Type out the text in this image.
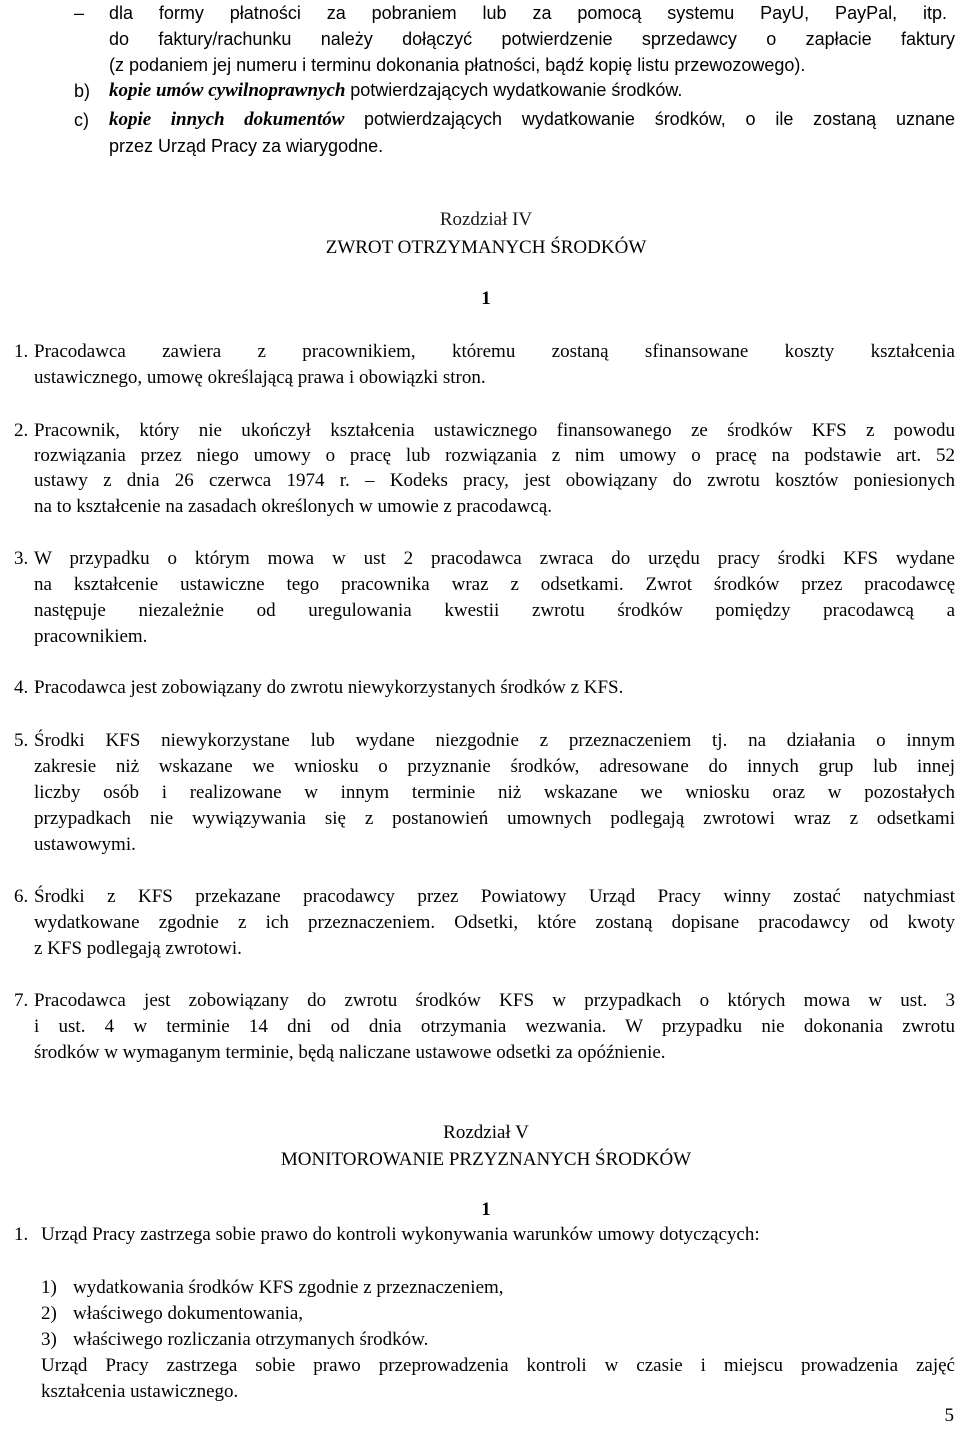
– dla formy płatności za pobraniem lub za pomocą systemu PayU, PayPal, itp.
do faktury/rachunku należy dołączyć potwierdzenie sprzedawcy o zapłacie faktury
(z podaniem jej numeru i terminu dokonania płatności, bądź kopię listu przewozowego).
b) kopie umów cywilnoprawnych potwierdzających wydatkowanie środków.
c) kopie innych dokumentów potwierdzających wydatkowanie środków, o ile zostaną uznane
przez Urząd Pracy za wiarygodne.
Rozdział IV
ZWROT OTRZYMANYCH ŚRODKÓW
1
1. Pracodawca zawiera z pracownikiem, któremu zostaną sfinansowane koszty kształcenia
ustawicznego, umowę określającą prawa i obowiązki stron.
2. Pracownik, który nie ukończył kształcenia ustawicznego finansowanego ze środków KFS z powodu
rozwiązania przez niego umowy o pracę lub rozwiązania z nim umowy o pracę na podstawie art. 52
ustawy z dnia 26 czerwca 1974 r. – Kodeks pracy, jest obowiązany do zwrotu kosztów poniesionych
na to kształcenie na zasadach określonych w umowie z pracodawcą.
3. W przypadku o którym mowa w ust 2 pracodawca zwraca do urzędu pracy środki KFS wydane
na kształcenie ustawiczne tego pracownika wraz z odsetkami. Zwrot środków przez pracodawcę
następuje niezależnie od uregulowania kwestii zwrotu środków pomiędzy pracodawcą a
pracownikiem.
4. Pracodawca jest zobowiązany do zwrotu niewykorzystanych środków z KFS.
5. Środki KFS niewykorzystane lub wydane niezgodnie z przeznaczeniem tj. na działania o innym
zakresie niż wskazane we wniosku o przyznanie środków, adresowane do innych grup lub innej
liczby osób i realizowane w innym terminie niż wskazane we wniosku oraz w pozostałych
przypadkach nie wywiązywania się z postanowień umownych podlegają zwrotowi wraz z odsetkami
ustawowymi.
6. Środki z KFS przekazane pracodawcy przez Powiatowy Urząd Pracy winny zostać natychmiast
wydatkowane zgodnie z ich przeznaczeniem. Odsetki, które zostaną dopisane pracodawcy od kwoty
z KFS podlegają zwrotowi.
7. Pracodawca jest zobowiązany do zwrotu środków KFS w przypadkach o których mowa w ust. 3
i ust. 4 w terminie 14 dni od dnia otrzymania wezwania. W przypadku nie dokonania zwrotu
środków w wymaganym terminie, będą naliczane ustawowe odsetki za opóźnienie.
Rozdział V
MONITOROWANIE PRZYZNANYCH ŚRODKÓW
1
1. Urząd Pracy zastrzega sobie prawo do kontroli wykonywania warunków umowy dotyczących:
1) wydatkowania środków KFS zgodnie z przeznaczeniem,
2) właściwego dokumentowania,
3) właściwego rozliczania otrzymanych środków.
Urząd Pracy zastrzega sobie prawo przeprowadzenia kontroli w czasie i miejscu prowadzenia zajęć
kształcenia ustawicznego.
5
